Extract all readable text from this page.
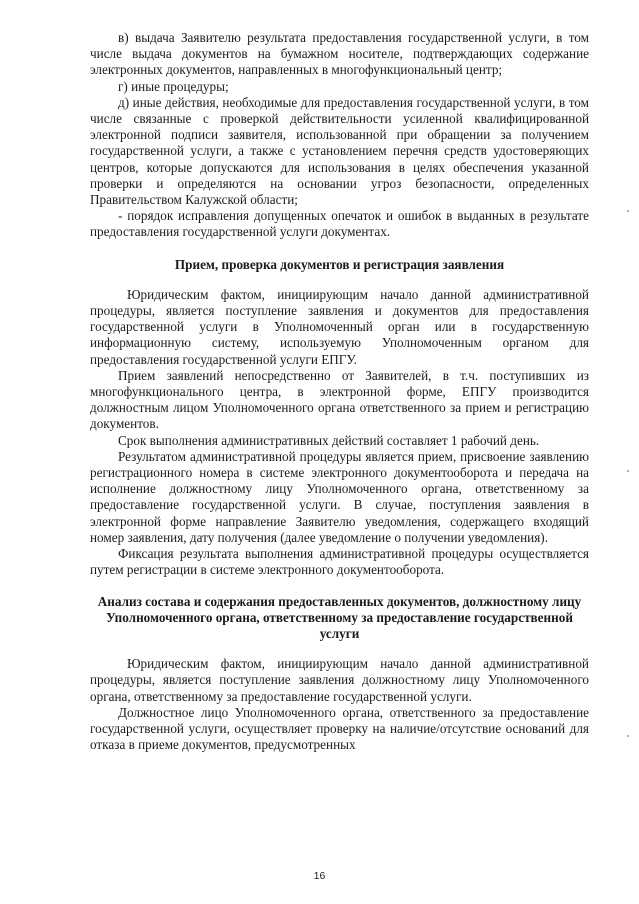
в) выдача Заявителю результата предоставления государственной услуги, в том числе выдача документов на бумажном носителе, подтверждающих содержание электронных документов, направленных в многофункциональный центр;

г) иные процедуры;

д) иные действия, необходимые для предоставления государственной услуги, в том числе связанные с проверкой действительности усиленной квалифицированной электронной подписи заявителя, использованной при обращении за получением государственной услуги, а также с установлением перечня средств удостоверяющих центров, которые допускаются для использования в целях обеспечения указанной проверки и определяются на основании угроз безопасности, определенных Правительством Калужской области;

- порядок исправления допущенных опечаток и ошибок в выданных в результате предоставления государственной услуги документах.

Прием, проверка документов и регистрация заявления

Юридическим фактом, инициирующим начало данной административной процедуры, является поступление заявления и документов для предоставления государственной услуги в Уполномоченный орган или в государственную информационную систему, используемую Уполномоченным органом для предоставления государственной услуги ЕПГУ.

Прием заявлений непосредственно от Заявителей, в т.ч. поступивших из многофункционального центра, в электронной форме, ЕПГУ производится должностным лицом Уполномоченного органа ответственного за прием и регистрацию документов.

Срок выполнения административных действий составляет 1 рабочий день.

Результатом административной процедуры является прием, присвоение заявлению регистрационного номера в системе электронного документооборота и передача на исполнение должностному лицу Уполномоченного органа, ответственному за предоставление государственной услуги. В случае, поступления заявления в электронной форме направление Заявителю уведомления, содержащего входящий номер заявления, дату получения (далее уведомление о получении уведомления).

Фиксация результата выполнения административной процедуры осуществляется путем регистрации в системе электронного документооборота.

Анализ состава и содержания предоставленных документов, должностному лицу Уполномоченного органа, ответственному за предоставление государственной услуги

Юридическим фактом, инициирующим начало данной административной процедуры, является поступление заявления должностному лицу Уполномоченного органа, ответственному за предоставление государственной услуги.

Должностное лицо Уполномоченного органа, ответственного за предоставление государственной услуги, осуществляет проверку на наличие/отсутствие оснований для отказа в приеме документов, предусмотренных

16
